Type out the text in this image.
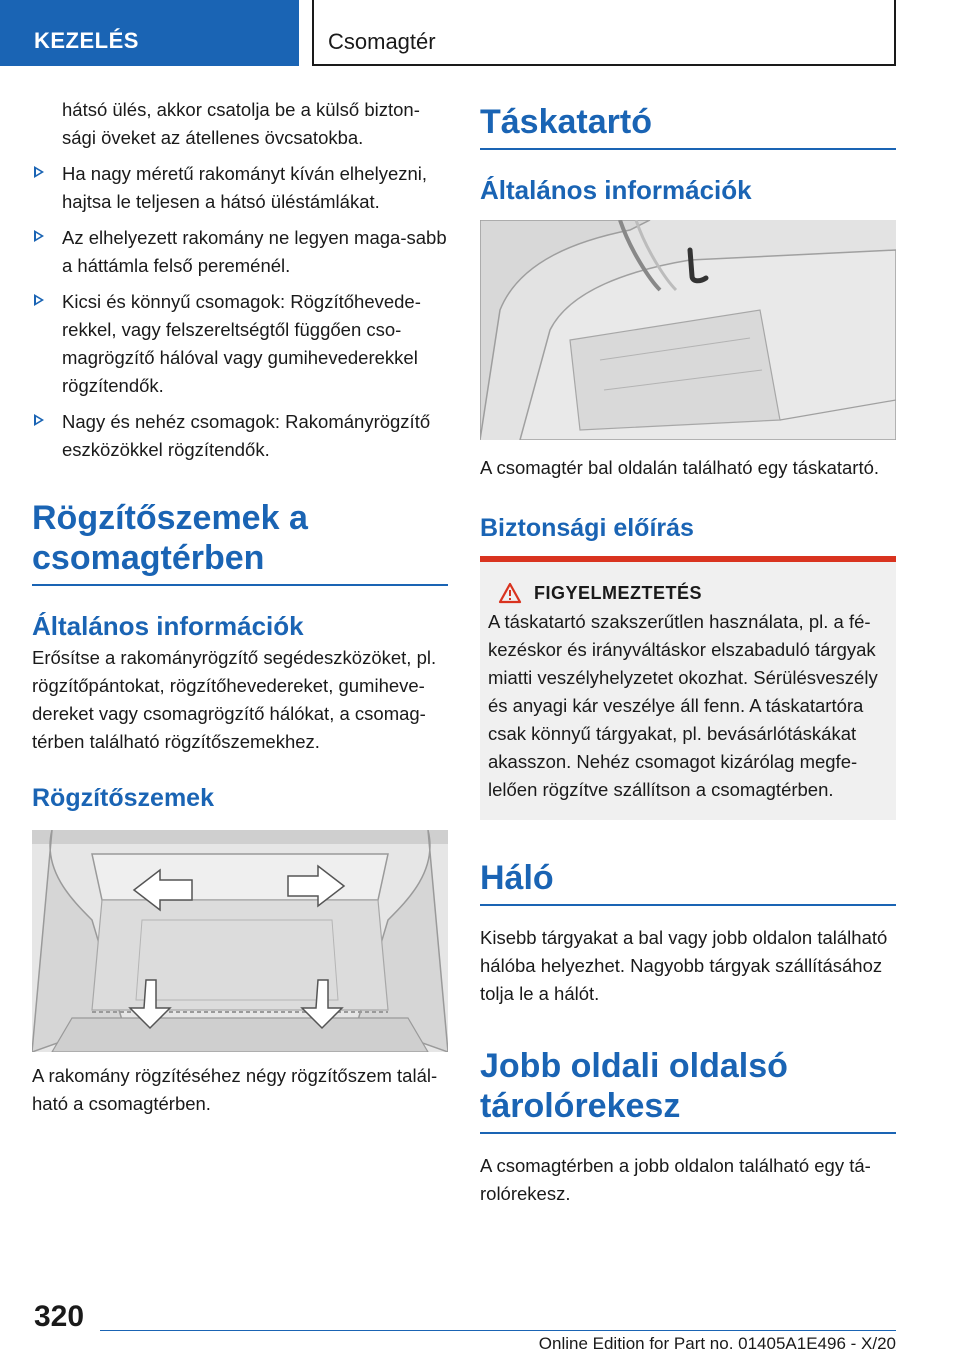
KEZELÉS	Csomagtér

hátsó ülés, akkor csatolja be a külső bizton-sági öveket az átellenes övcsatokba.

Ha nagy méretű rakományt kíván elhelyezni, hajtsa le teljesen a hátsó üléstámlákat.
Az elhelyezett rakomány ne legyen maga-sabb a háttámla felső pereménél.
Kicsi és könnyű csomagok: Rögzítőhevede-rekkel, vagy felszereltségtől függően cso-magrögzítő hálóval vagy gumihevederekkel rögzítendők.
Nagy és nehéz csomagok: Rakományrögzítő eszközökkel rögzítendők.
Rögzítőszemek a csomagtérben
Általános információk

Erősítse a rakományrögzítő segédeszközöket, pl. rögzítőpántokat, rögzítőhevedereket, gumiheve-dereket vagy csomagrögzítő hálókat, a csomag-térben található rögzítőszemekhez.

Rögzítőszemek

A rakomány rögzítéséhez négy rögzítőszem talál-ható a csomagtérben.

Táskatartó
Általános információk

A csomagtér bal oldalán található egy táskatartó.

Biztonsági előírás
FIGYELMEZTETÉS

A táskatartó szakszerűtlen használata, pl. a fé-kezéskor és irányváltáskor elszabaduló tárgyak miatti veszélyhelyzetet okozhat. Sérülésveszély és anyagi kár veszélye áll fenn. A táskatartóra csak könnyű tárgyakat, pl. bevásárlótáskákat akasszon. Nehéz csomagot kizárólag megfe-lelően rögzítve szállítson a csomagtérben.

Háló

Kisebb tárgyakat a bal vagy jobb oldalon található hálóba helyezhet. Nagyobb tárgyak szállításához tolja le a hálót.

Jobb oldali oldalsó tárolórekesz

A csomagtérben a jobb oldalon található egy tá-rolórekesz.

320
Online Edition for Part no. 01405A1E496 - X/20
